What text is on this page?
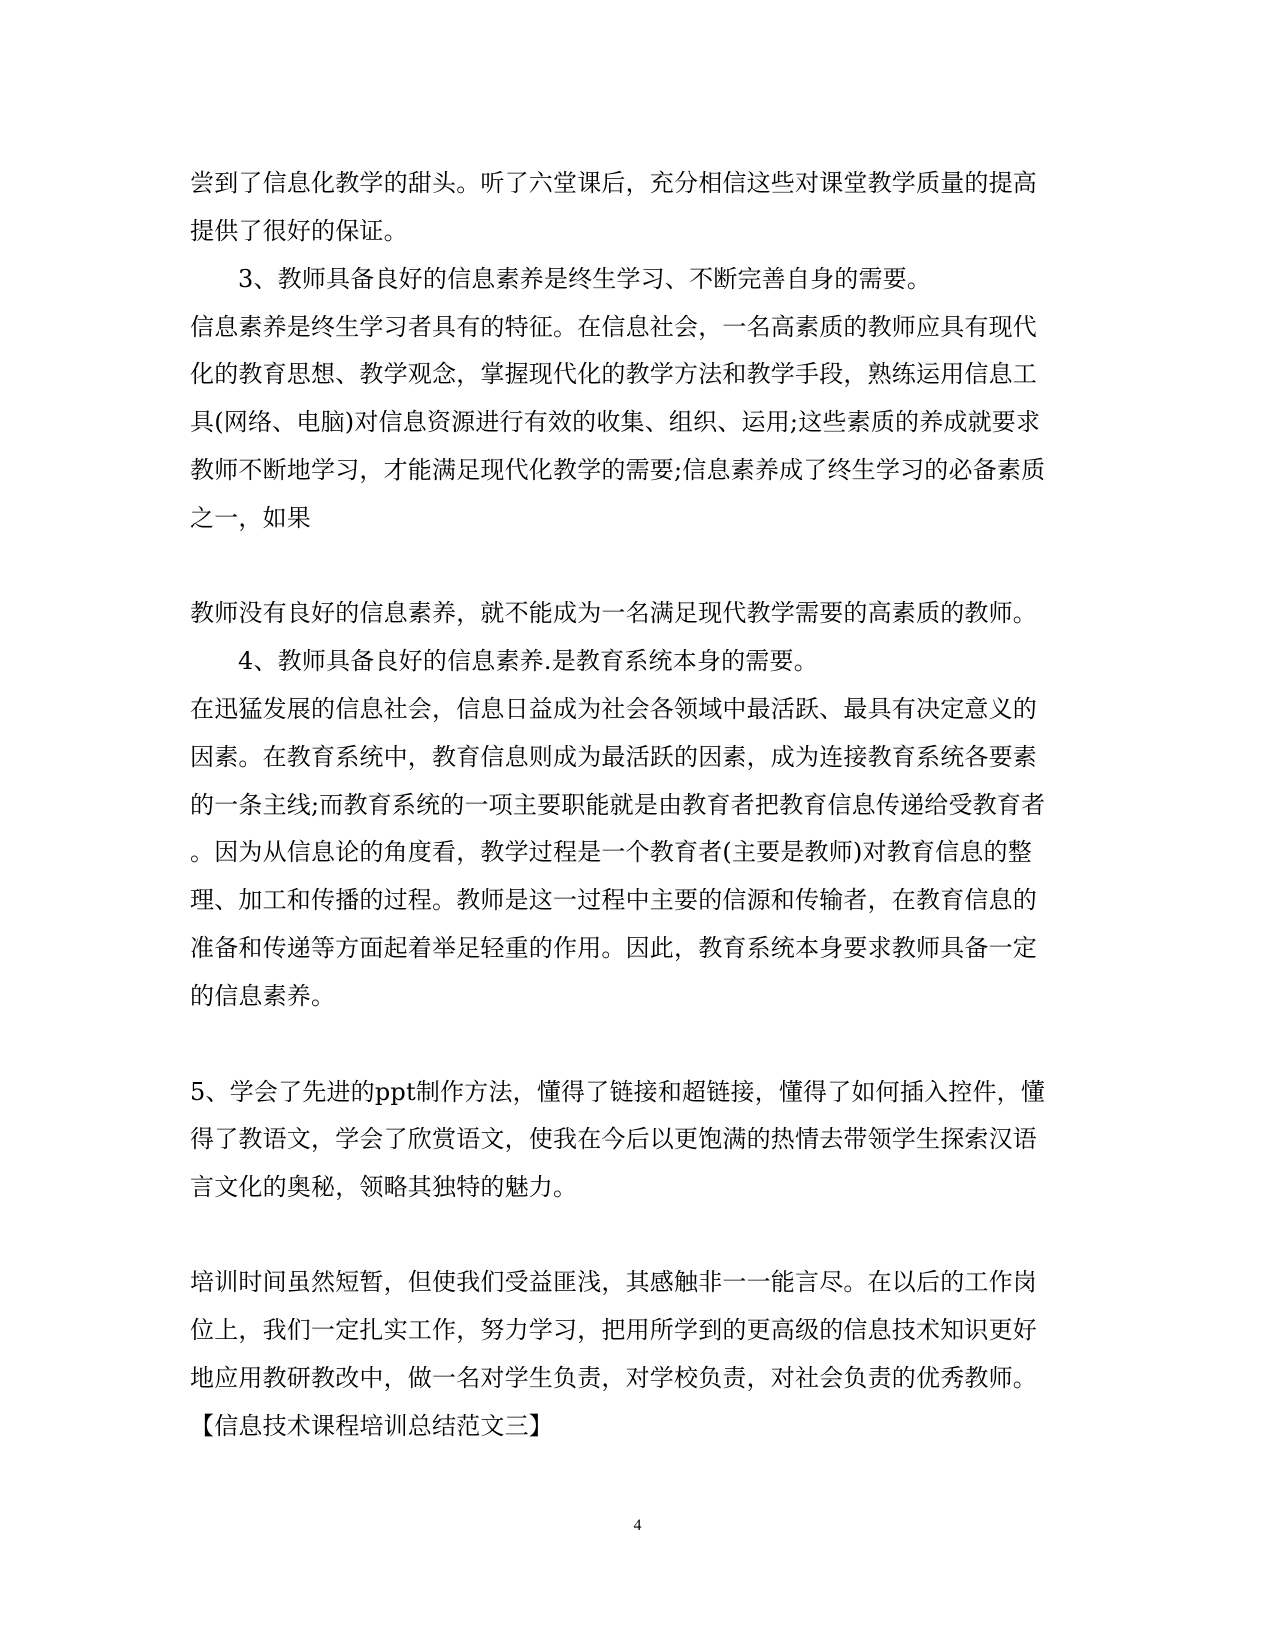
尝到了信息化教学的甜头。听了六堂课后，充分相信这些对课堂教学质量的提高
提供了很好的保证。
3、教师具备良好的信息素养是终生学习、不断完善自身的需要。
信息素养是终生学习者具有的特征。在信息社会，一名高素质的教师应具有现代
化的教育思想、教学观念，掌握现代化的教学方法和教学手段，熟练运用信息工
具(网络、电脑)对信息资源进行有效的收集、组织、运用;这些素质的养成就要求
教师不断地学习，才能满足现代化教学的需要;信息素养成了终生学习的必备素质
之一，如果
教师没有良好的信息素养，就不能成为一名满足现代教学需要的高素质的教师。
4、教师具备良好的信息素养.是教育系统本身的需要。
在迅猛发展的信息社会，信息日益成为社会各领域中最活跃、最具有决定意义的
因素。在教育系统中，教育信息则成为最活跃的因素，成为连接教育系统各要素
的一条主线;而教育系统的一项主要职能就是由教育者把教育信息传递给受教育者
。因为从信息论的角度看，教学过程是一个教育者(主要是教师)对教育信息的整
理、加工和传播的过程。教师是这一过程中主要的信源和传输者，在教育信息的
准备和传递等方面起着举足轻重的作用。因此，教育系统本身要求教师具备一定
的信息素养。
5、学会了先进的ppt制作方法，懂得了链接和超链接，懂得了如何插入控件，懂
得了教语文，学会了欣赏语文，使我在今后以更饱满的热情去带领学生探索汉语
言文化的奥秘，领略其独特的魅力。
培训时间虽然短暂，但使我们受益匪浅，其感触非一一能言尽。在以后的工作岗
位上，我们一定扎实工作，努力学习，把用所学到的更高级的信息技术知识更好
地应用教研教改中，做一名对学生负责，对学校负责，对社会负责的优秀教师。
【信息技术课程培训总结范文三】
4
